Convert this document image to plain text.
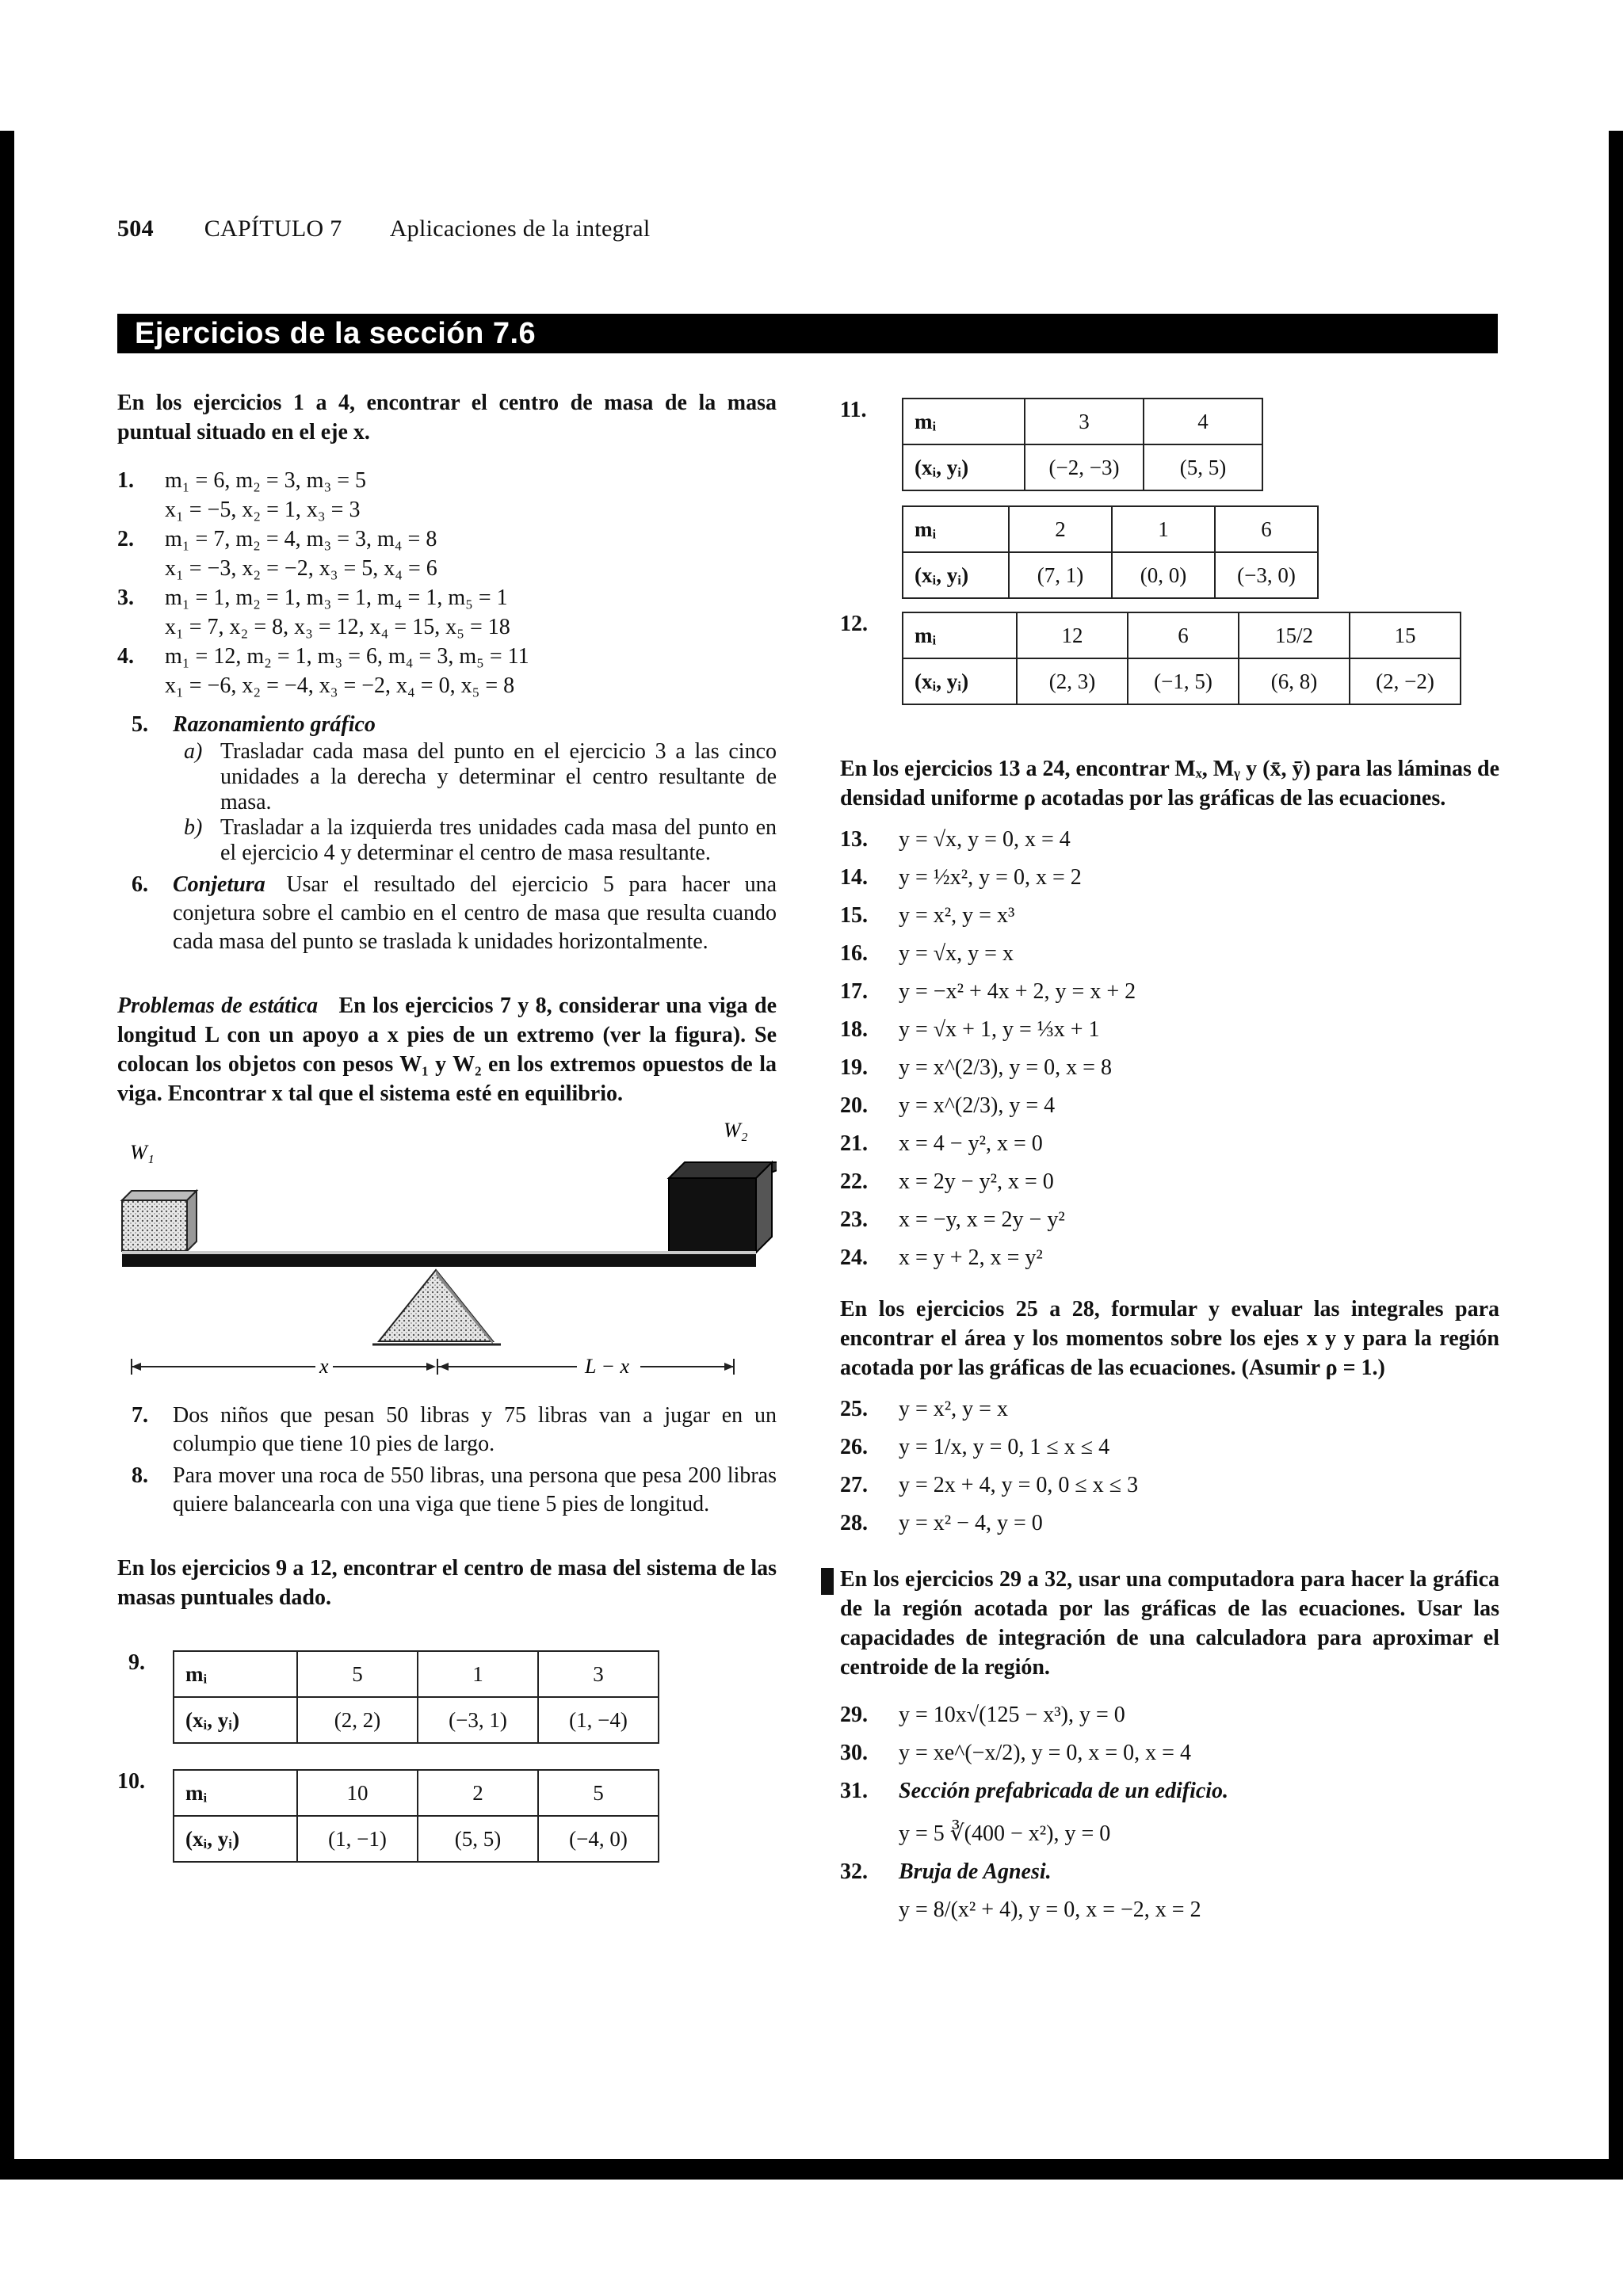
504 CAPÍTULO 7 Aplicaciones de la integral
Ejercicios de la sección 7.6

En los ejercicios 1 a 4, encontrar el centro de masa de la masa puntual situado en el eje x.

1. m₁ = 6, m₂ = 3, m₃ = 5
x₁ = −5, x₂ = 1, x₃ = 3
2. m₁ = 7, m₂ = 4, m₃ = 3, m₄ = 8
x₁ = −3, x₂ = −2, x₃ = 5, x₄ = 6
3. m₁ = 1, m₂ = 1, m₃ = 1, m₄ = 1, m₅ = 1
x₁ = 7, x₂ = 8, x₃ = 12, x₄ = 15, x₅ = 18
4. m₁ = 12, m₂ = 1, m₃ = 6, m₄ = 3, m₅ = 11
x₁ = −6, x₂ = −4, x₃ = −2, x₄ = 0, x₅ = 8
5. Razonamiento gráfico
a) Trasladar cada masa del punto en el ejercicio 3 a las cinco unidades a la derecha y determinar el centro resultante de masa.
b) Trasladar a la izquierda tres unidades cada masa del punto en el ejercicio 4 y determinar el centro de masa resultante.
6. Conjetura Usar el resultado del ejercicio 5 para hacer una conjetura sobre el cambio en el centro de masa que resulta cuando cada masa del punto se traslada k unidades horizontalmente.

Problemas de estática En los ejercicios 7 y 8, considerar una viga de longitud L con un apoyo a x pies de un extremo (ver la figura). Se colocan los objetos con pesos W₁ y W₂ en los extremos opuestos de la viga. Encontrar x tal que el sistema esté en equilibrio.

W₁
W₂
x	L − x
7. Dos niños que pesan 50 libras y 75 libras van a jugar en un columpio que tiene 10 pies de largo.
8. Para mover una roca de 550 libras, una persona que pesa 200 libras quiere balancearla con una viga que tiene 5 pies de longitud.

En los ejercicios 9 a 12, encontrar el centro de masa del sistema de las masas puntuales dado.

9. mᵢ	5	1	3
(xᵢ, yᵢ)	(2, 2)	(−3, 1)	(1, −4)
10. mᵢ	10	2	5
(xᵢ, yᵢ)	(1, −1)	(5, 5)	(−4, 0)
11. mᵢ	3	4
(xᵢ, yᵢ)	(−2, −3)	(5, 5)
mᵢ	2	1	6
(xᵢ, yᵢ)	(7, 1)	(0, 0)	(−3, 0)
12. mᵢ	12	6	15/2	15
(xᵢ, yᵢ)	(2, 3)	(−1, 5)	(6, 8)	(2, −2)

En los ejercicios 13 a 24, encontrar Mₓ, Mᵧ y (x̄, ȳ) para las láminas de densidad uniforme ρ acotadas por las gráficas de las ecuaciones.

13. y = √x, y = 0, x = 4
14. y = ½x², y = 0, x = 2
15. y = x², y = x³
16. y = √x, y = x
17. y = −x² + 4x + 2, y = x + 2
18. y = √x + 1, y = ⅓x + 1
19. y = x^(2/3), y = 0, x = 8
20. y = x^(2/3), y = 4
21. x = 4 − y², x = 0
22. x = 2y − y², x = 0
23. x = −y, x = 2y − y²
24. x = y + 2, x = y²

En los ejercicios 25 a 28, formular y evaluar las integrales para encontrar el área y los momentos sobre los ejes x y y para la región acotada por las gráficas de las ecuaciones. (Asumir ρ = 1.)

25. y = x², y = x
26. y = 1/x, y = 0, 1 ≤ x ≤ 4
27. y = 2x + 4, y = 0, 0 ≤ x ≤ 3
28. y = x² − 4, y = 0

En los ejercicios 29 a 32, usar una computadora para hacer la gráfica de la región acotada por las gráficas de las ecuaciones. Usar las capacidades de integración de una calculadora para aproximar el centroide de la región.

29. y = 10x√(125 − x³), y = 0
30. y = xe^(−x/2), y = 0, x = 0, x = 4
31. Sección prefabricada de un edificio.
y = 5 ∛(400 − x²), y = 0
32. Bruja de Agnesi.
y = 8/(x² + 4), y = 0, x = −2, x = 2
